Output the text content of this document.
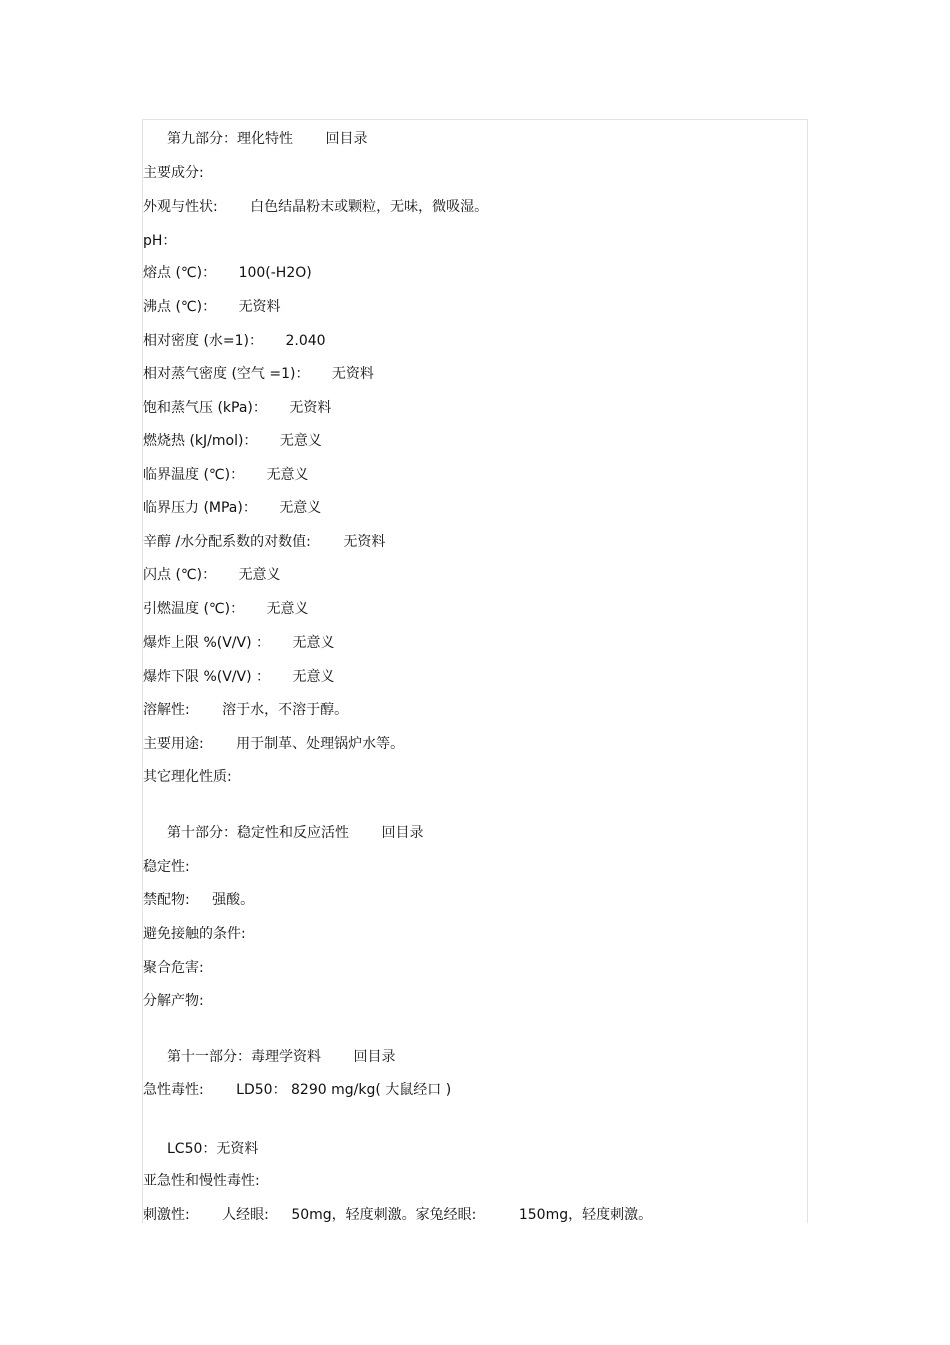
第九部分：理化特性 回目录
主要成分:
外观与性状: 白色结晶粉末或颗粒，无味，微吸湿。
pH：
熔点 (℃)： 100(-H2O)
沸点 (℃)： 无资料
相对密度 (水=1)： 2.040
相对蒸气密度 (空气 =1)： 无资料
饱和蒸气压 (kPa)： 无资料
燃烧热 (kJ/mol)： 无意义
临界温度 (℃)： 无意义
临界压力 (MPa)： 无意义
辛醇 /水分配系数的对数值: 无资料
闪点 (℃)： 无意义
引燃温度 (℃)： 无意义
爆炸上限 %(V/V) ： 无意义
爆炸下限 %(V/V) ： 无意义
溶解性: 溶于水，不溶于醇。
主要用途: 用于制革、处理锅炉水等。
其它理化性质:
第十部分：稳定性和反应活性 回目录
稳定性:
禁配物: 强酸。
避免接触的条件:
聚合危害:
分解产物:
第十一部分：毒理学资料 回目录
急性毒性: LD50： 8290 mg/kg( 大鼠经口 )
LC50：无资料
亚急性和慢性毒性:
刺激性: 人经眼: 50mg，轻度刺激。家兔经眼:	150mg，轻度刺激。
